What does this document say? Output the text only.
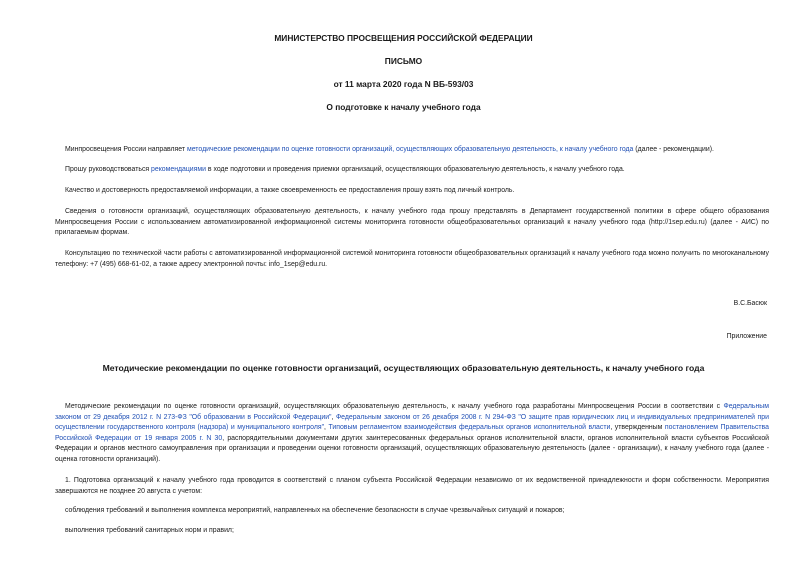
МИНИСТЕРСТВО ПРОСВЕЩЕНИЯ РОССИЙСКОЙ ФЕДЕРАЦИИ
ПИСЬМО
от 11 марта 2020 года N ВБ-593/03
О подготовке к началу учебного года
Минпросвещения России направляет методические рекомендации по оценке готовности организаций, осуществляющих образовательную деятельность, к началу учебного года (далее - рекомендации).
Прошу руководствоваться рекомендациями в ходе подготовки и проведения приемки организаций, осуществляющих образовательную деятельность, к началу учебного года.
Качество и достоверность предоставляемой информации, а также своевременность ее предоставления прошу взять под личный контроль.
Сведения о готовности организаций, осуществляющих образовательную деятельность, к началу учебного года прошу представлять в Департамент государственной политики в сфере общего образования Минпросвещения России с использованием автоматизированной информационной системы мониторинга готовности общеобразовательных организаций к началу учебного года (http://1sep.edu.ru) (далее - АИС) по прилагаемым формам.
Консультацию по технической части работы с автоматизированной информационной системой мониторинга готовности общеобразовательных организаций к началу учебного года можно получить по многоканальному телефону: +7 (495) 668-61-02, а также адресу электронной почты: info_1sep@edu.ru.
В.С.Басюк
Приложение
Методические рекомендации по оценке готовности организаций, осуществляющих образовательную деятельность, к началу учебного года
Методические рекомендации по оценке готовности организаций, осуществляющих образовательную деятельность, к началу учебного года разработаны Минпросвещения России в соответствии с Федеральным законом от 29 декабря 2012 г. N 273-ФЗ "Об образовании в Российской Федерации", Федеральным законом от 26 декабря 2008 г. N 294-ФЗ "О защите прав юридических лиц и индивидуальных предпринимателей при осуществлении государственного контроля (надзора) и муниципального контроля", Типовым регламентом взаимодействия федеральных органов исполнительной власти, утвержденным постановлением Правительства Российской Федерации от 19 января 2005 г. N 30, распорядительными документами других заинтересованных федеральных органов исполнительной власти, органов исполнительной власти субъектов Российской Федерации и органов местного самоуправления при организации и проведении оценки готовности организаций, осуществляющих образовательную деятельность (далее - организации), к началу учебного года (далее - оценка готовности организаций).
1. Подготовка организаций к началу учебного года проводится в соответствий с планом субъекта Российской Федерации независимо от их ведомственной принадлежности и форм собственности. Мероприятия завершаются не позднее 20 августа с учетом:
соблюдения требований и выполнения комплекса мероприятий, направленных на обеспечение безопасности в случае чрезвычайных ситуаций и пожаров;
выполнения требований санитарных норм и правил;
